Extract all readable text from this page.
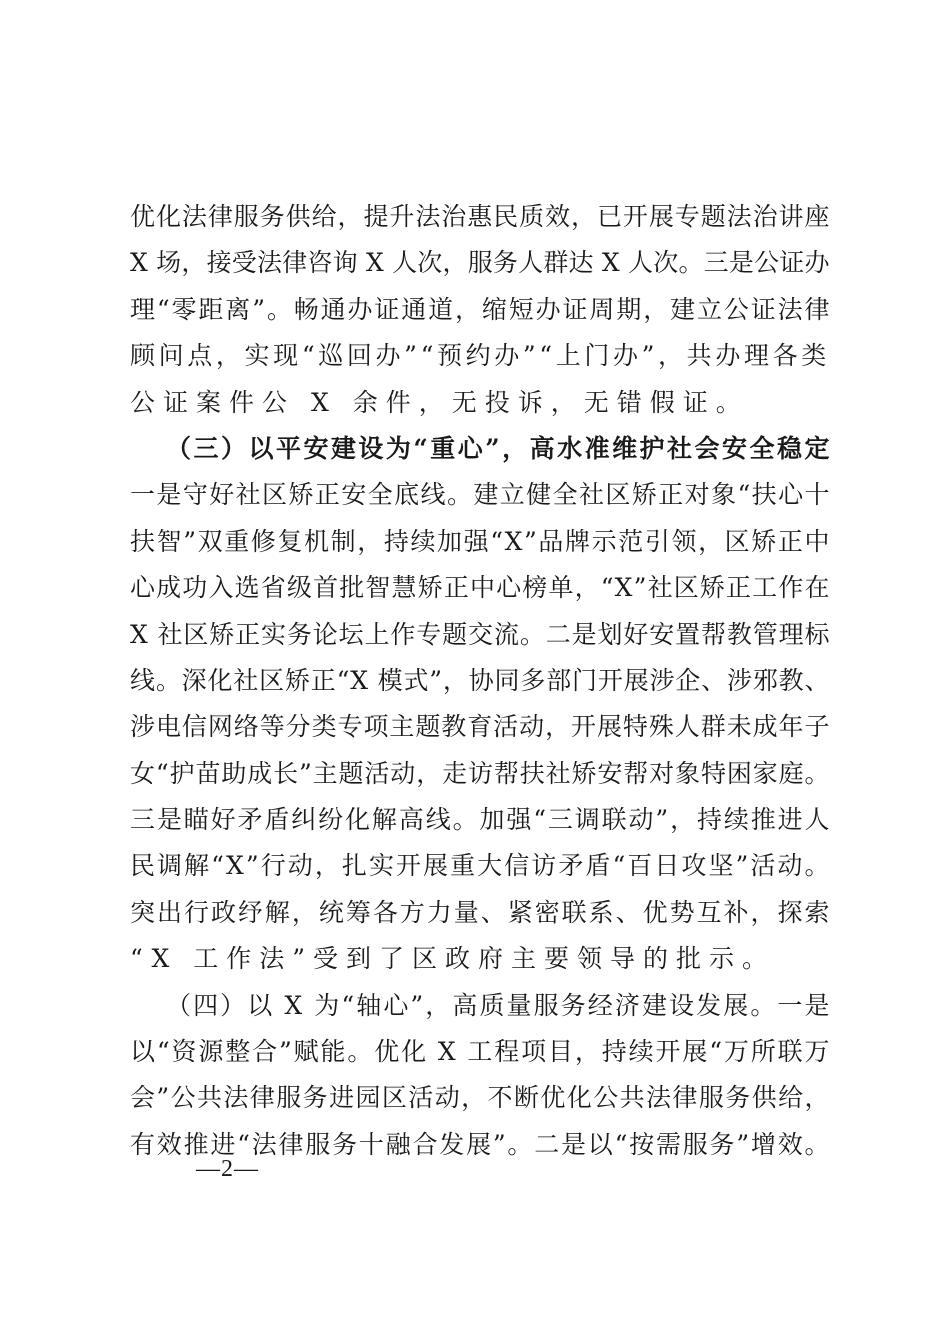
优化法律服务供给，提升法治惠民质效，已开展专题法治讲座
X 场，接受法律咨询 X 人次，服务人群达 X 人次。三是公证办
理“零距离”。畅通办证通道，缩短办证周期，建立公证法律
顾问点，实现“巡回办”“预约办”“上门办”，共办理各类
公证案件公 X 余件，无投诉，无错假证。
（三）以平安建设为“重心”，高水准维护社会安全稳定
一是守好社区矫正安全底线。建立健全社区矫正对象“扶心十
扶智”双重修复机制，持续加强“X”品牌示范引领，区矫正中
心成功入选省级首批智慧矫正中心榜单，“X”社区矫正工作在
X 社区矫正实务论坛上作专题交流。二是划好安置帮教管理标
线。深化社区矫正“X 模式”，协同多部门开展涉企、涉邪教、
涉电信网络等分类专项主题教育活动，开展特殊人群未成年子
女“护苗助成长”主题活动，走访帮扶社矫安帮对象特困家庭。
三是瞄好矛盾纠纷化解高线。加强“三调联动”，持续推进人
民调解“X”行动，扎实开展重大信访矛盾“百日攻坚”活动。
突出行政纾解，统筹各方力量、紧密联系、优势互补，探索
“X 工作法”受到了区政府主要领导的批示。
（四）以 X 为“轴心”，高质量服务经济建设发展。一是
以“资源整合”赋能。优化 X 工程项目，持续开展“万所联万
会”公共法律服务进园区活动，不断优化公共法律服务供给，
有效推进“法律服务十融合发展”。二是以“按需服务”增效。
—2—
